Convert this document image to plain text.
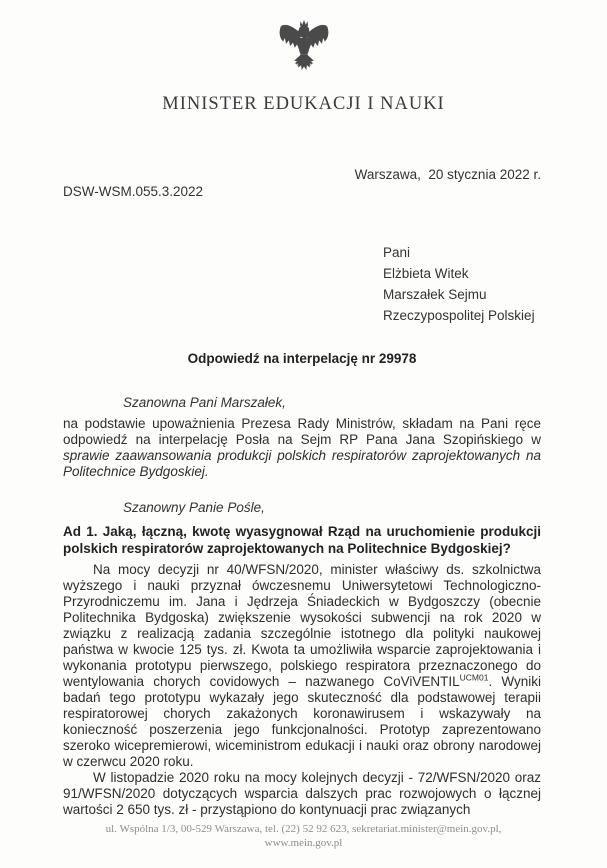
MINISTER EDUKACJI I NAUKI
Warszawa,  20 stycznia 2022 r.
DSW-WSM.055.3.2022
Pani
Elżbieta Witek
Marszałek Sejmu
Rzeczypospolitej Polskiej
Odpowiedź na interpelację nr 29978

Szanowna Pani Marszałek,

na podstawie upoważnienia Prezesa Rady Ministrów, składam na Pani ręce odpowiedź na interpelację Posła na Sejm RP Pana Jana Szopińskiego w sprawie zaawansowania produkcji polskich respiratorów zaprojektowanych na Politechnice Bydgoskiej.

Szanowny Panie Pośle,

Ad 1. Jaką, łączną, kwotę wyasygnował Rząd na uruchomienie produkcji polskich respiratorów zaprojektowanych na Politechnice Bydgoskiej?

Na mocy decyzji nr 40/WFSN/2020, minister właściwy ds. szkolnictwa wyższego i nauki przyznał ówczesnemu Uniwersytetowi Technologiczno-Przyrodniczemu im. Jana i Jędrzeja Śniadeckich w Bydgoszczy (obecnie Politechnika Bydgoska) zwiększenie wysokości subwencji na rok 2020 w związku z realizacją zadania szczególnie istotnego dla polityki naukowej państwa w kwocie 125 tys. zł. Kwota ta umożliwiła wsparcie zaprojektowania i wykonania prototypu pierwszego, polskiego respiratora przeznaczonego do wentylowania chorych covidowych – nazwanego CoViVENTIL$^{UCM01}$. Wyniki badań tego prototypu wykazały jego skuteczność dla podstawowej terapii respiratorowej chorych zakażonych koronawirusem i wskazywały na konieczność poszerzenia jego funkcjonalności. Prototyp zaprezentowano szeroko wicepremierowi, wiceministrom edukacji i nauki oraz obrony narodowej w czerwcu 2020 roku.

W listopadzie 2020 roku na mocy kolejnych decyzji - 72/WFSN/2020 oraz 91/WFSN/2020 dotyczących wsparcia dalszych prac rozwojowych o łącznej wartości 2 650 tys. zł - przystąpiono do kontynuacji prac związanych

ul. Wspólna 1/3, 00-529 Warszawa, tel. (22) 52 92 623, sekretariat.minister@mein.gov.pl,
www.mein.gov.pl
